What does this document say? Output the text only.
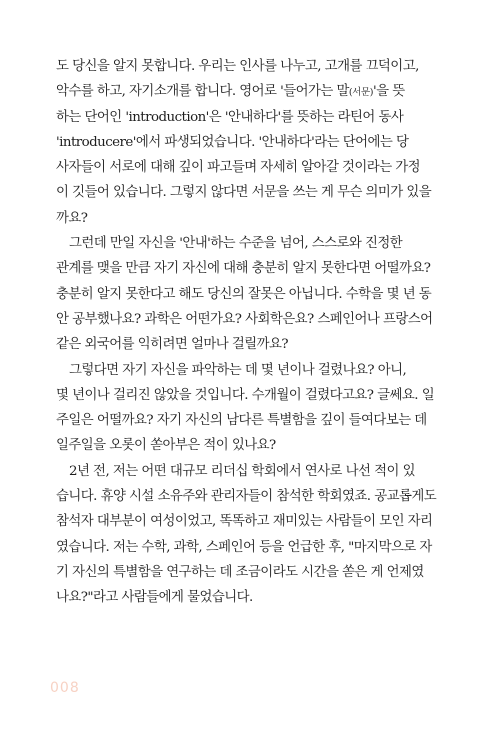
도 당신을 알지 못합니다. 우리는 인사를 나누고, 고개를 끄덕이고,
악수를 하고, 자기소개를 합니다. 영어로 '들어가는 말(서문)'을 뜻
하는 단어인 'introduction'은 '안내하다'를 뜻하는 라틴어 동사
'introducere'에서 파생되었습니다. '안내하다'라는 단어에는 당
사자들이 서로에 대해 깊이 파고들며 자세히 알아갈 것이라는 가정
이 깃들어 있습니다. 그렇지 않다면 서문을 쓰는 게 무슨 의미가 있을
까요?
그런데 만일 자신을 '안내'하는 수준을 넘어, 스스로와 진정한
관계를 맺을 만큼 자기 자신에 대해 충분히 알지 못한다면 어떨까요?
충분히 알지 못한다고 해도 당신의 잘못은 아닙니다. 수학을 몇 년 동
안 공부했나요? 과학은 어떤가요? 사회학은요? 스페인어나 프랑스어
같은 외국어를 익히려면 얼마나 걸릴까요?
그렇다면 자기 자신을 파악하는 데 몇 년이나 걸렸나요? 아니,
몇 년이나 걸리진 않았을 것입니다. 수개월이 걸렸다고요? 글쎄요. 일
주일은 어떨까요? 자기 자신의 남다른 특별함을 깊이 들여다보는 데
일주일을 오롯이 쏟아부은 적이 있나요?
2년 전, 저는 어떤 대규모 리더십 학회에서 연사로 나선 적이 있
습니다. 휴양 시설 소유주와 관리자들이 참석한 학회였죠. 공교롭게도
참석자 대부분이 여성이었고, 똑똑하고 재미있는 사람들이 모인 자리
였습니다. 저는 수학, 과학, 스페인어 등을 언급한 후, "마지막으로 자
기 자신의 특별함을 연구하는 데 조금이라도 시간을 쏟은 게 언제였
나요?"라고 사람들에게 물었습니다.
008
